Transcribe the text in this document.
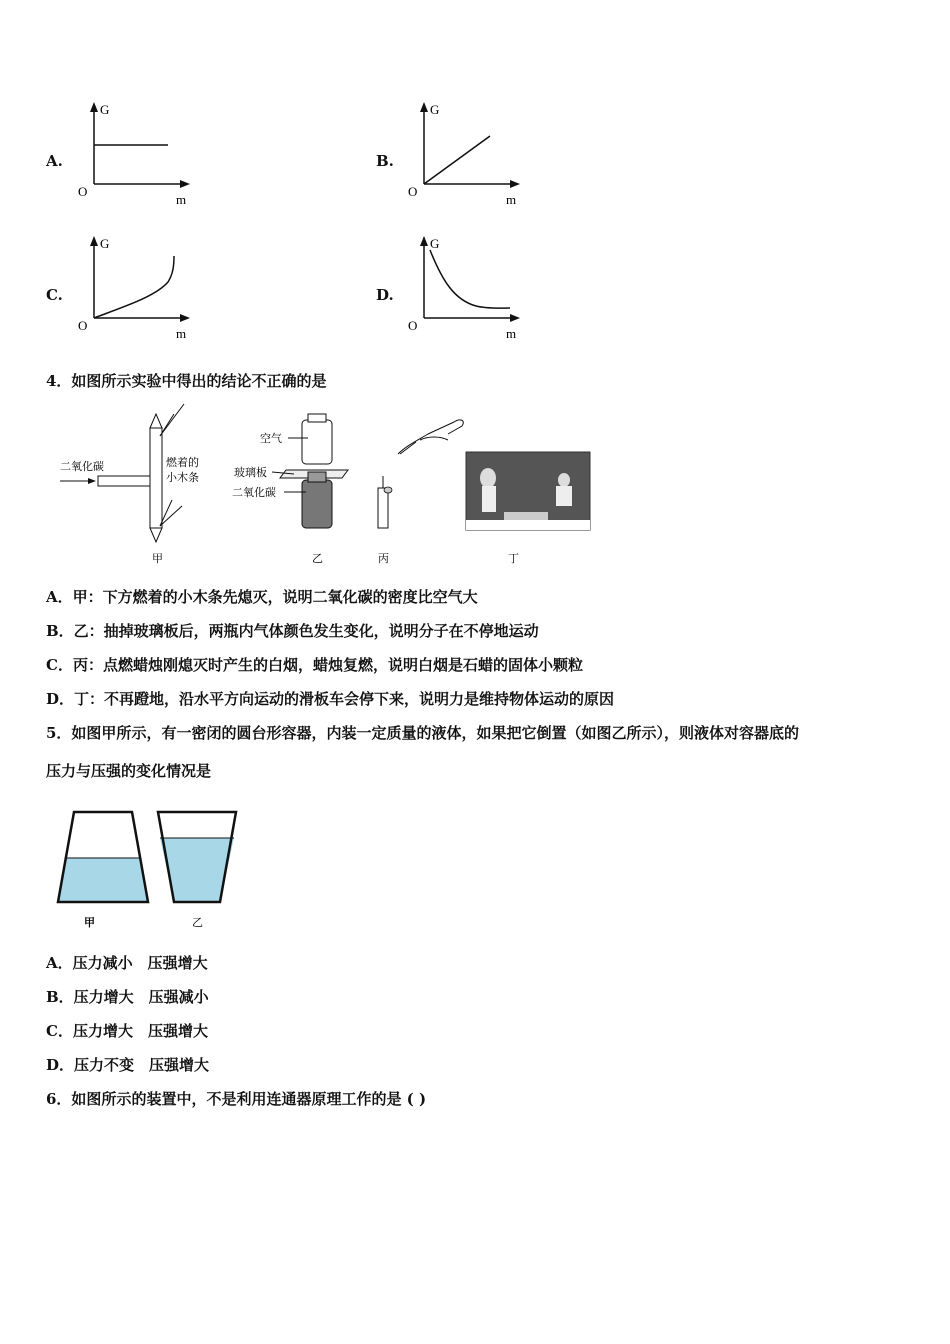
A.
G
O
m
B.
G
O
m
C.
G
O
m
D.
G
O
m
4．如图所示实验中得出的结论不正确的是
二氧化碳	燃着的
小木条
甲
空气
玻璃板
二氧化碳
乙	丙	丁
A．甲：下方燃着的小木条先熄灭，说明二氧化碳的密度比空气大
B．乙：抽掉玻璃板后，两瓶内气体颜色发生变化，说明分子在不停地运动
C．丙：点燃蜡烛刚熄灭时产生的白烟，蜡烛复燃，说明白烟是石蜡的固体小颗粒
D．丁：不再蹬地，沿水平方向运动的滑板车会停下来，说明力是维持物体运动的原因
5．如图甲所示，有一密闭的圆台形容器，内装一定质量的液体，如果把它倒置（如图乙所示），则液体对容器底的
压力与压强的变化情况是
甲	乙
A．压力减小　压强增大
B．压力增大　压强减小
C．压力增大　压强增大
D．压力不变　压强增大
6．如图所示的装置中，不是利用连通器原理工作的是 ( )
